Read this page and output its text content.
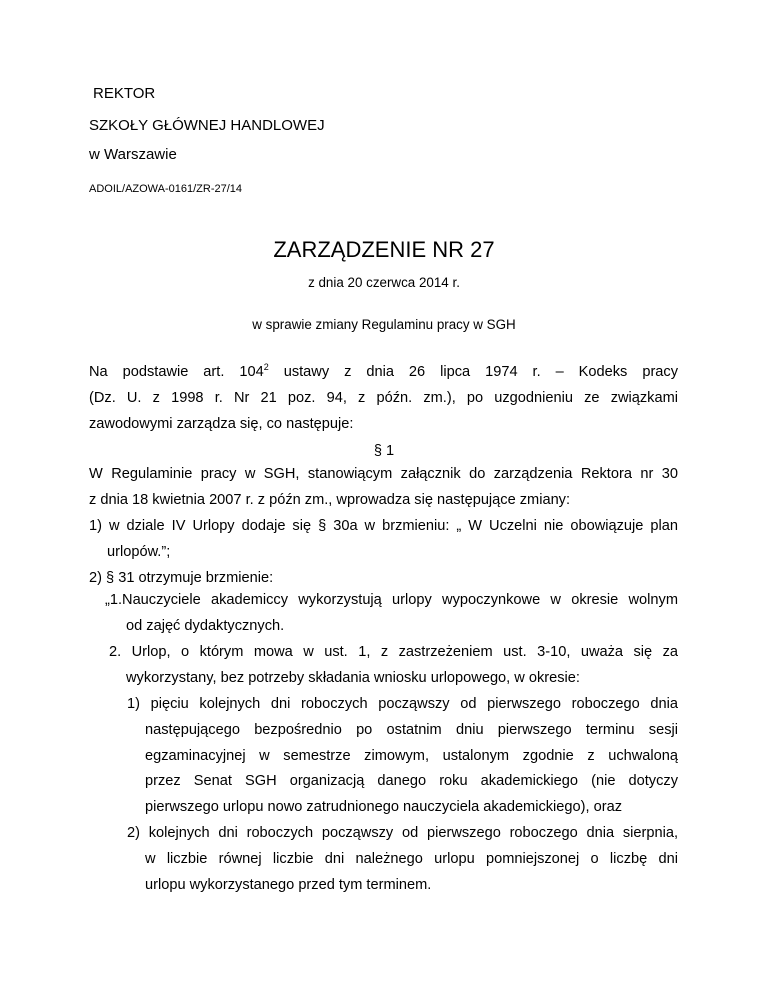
REKTOR
SZKOŁY GŁÓWNEJ HANDLOWEJ
w Warszawie
ADOIL/AZOWA-0161/ZR-27/14
ZARZĄDZENIE NR 27
z dnia 20 czerwca 2014 r.
w sprawie zmiany Regulaminu pracy w SGH
Na podstawie art. $104^2$ ustawy z dnia 26 lipca 1974 r. – Kodeks pracy
(Dz. U. z 1998 r. Nr 21 poz. 94, z późn. zm.), po uzgodnieniu ze związkami
zawodowymi zarządza się, co następuje:
§ 1
W Regulaminie pracy w SGH, stanowiącym załącznik do zarządzenia Rektora nr 30
z dnia 18 kwietnia 2007 r. z późn zm., wprowadza się następujące zmiany:
1) w dziale IV Urlopy dodaje się § 30a w brzmieniu: „ W Uczelni nie obowiązuje plan
urlopów.”;
2) § 31 otrzymuje brzmienie:
„1.Nauczyciele akademiccy wykorzystują urlopy wypoczynkowe w okresie wolnym
od zajęć dydaktycznych.
2. Urlop, o którym mowa w ust. 1, z zastrzeżeniem ust. 3-10, uważa się za
wykorzystany, bez potrzeby składania wniosku urlopowego, w okresie:
1) pięciu kolejnych dni roboczych począwszy od pierwszego roboczego dnia
następującego bezpośrednio po ostatnim dniu pierwszego terminu sesji
egzaminacyjnej w semestrze zimowym, ustalonym zgodnie z uchwaloną
przez Senat SGH organizacją danego roku akademickiego (nie dotyczy
pierwszego urlopu nowo zatrudnionego nauczyciela akademickiego), oraz
2) kolejnych dni roboczych począwszy od pierwszego roboczego dnia sierpnia,
w liczbie równej liczbie dni należnego urlopu pomniejszonej o liczbę dni
urlopu wykorzystanego przed tym terminem.
